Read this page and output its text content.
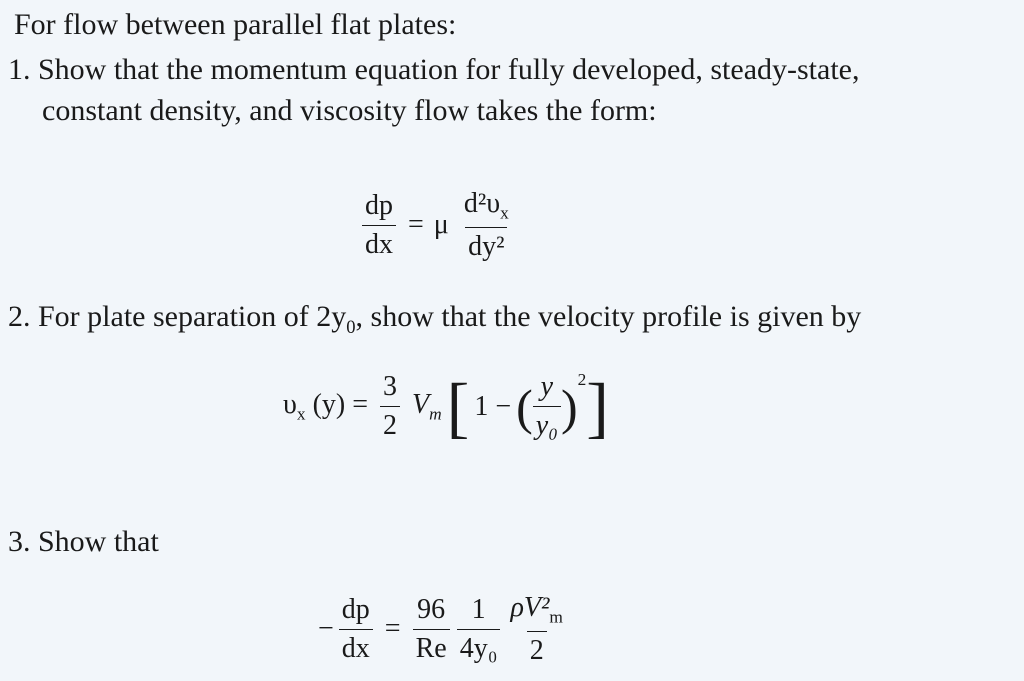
For flow between parallel flat plates:
1. Show that the momentum equation for fully developed, steady-state,
constant density, and viscosity flow takes the form:
$\frac{dp}{dx} = \mu \frac{d^2\upsilon_x}{\text{dy²}}$
2. For plate separation of $2y_0$, show that the velocity profile is given by
$\upsilon_x$ $(y) = \frac{3}{2} V_m$[ 1 − ( $\frac{y}{\text{y₀}} )^2$]
3. Show that
− $\frac{dp}{dx} = \frac{96}{Re}$
$\frac{1}{\text{4y₀}}$
$\frac{\rho V^2_m}{2}$
